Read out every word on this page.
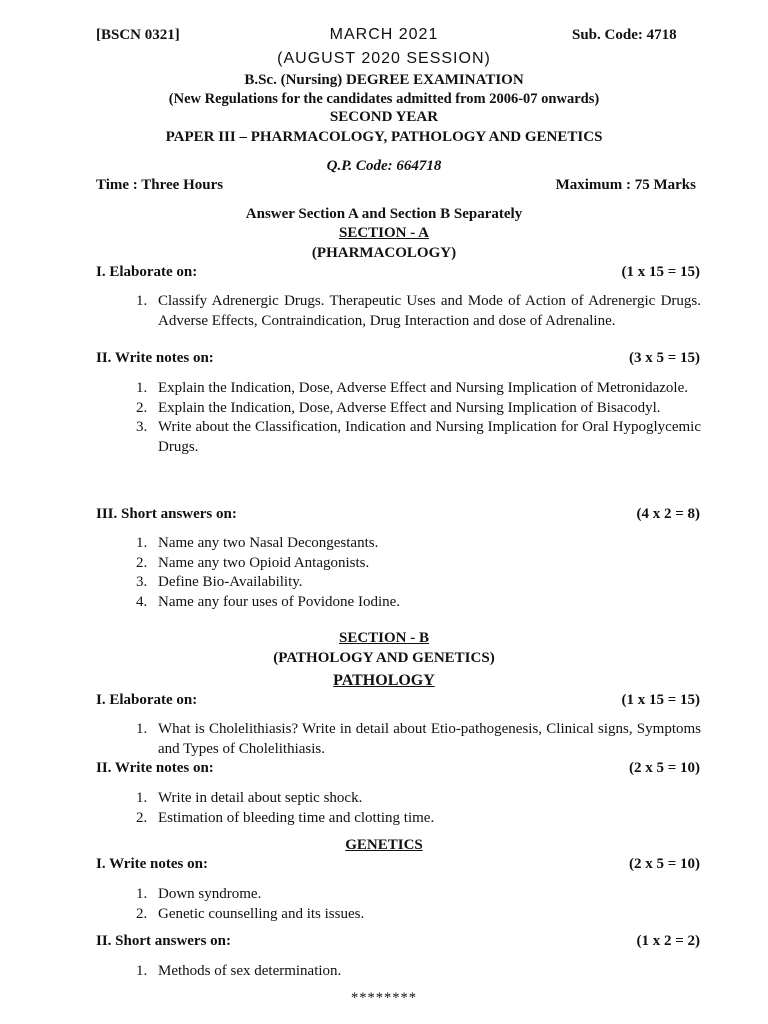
[BSCN 0321]	MARCH 2021	Sub. Code: 4718
(AUGUST 2020 SESSION)
B.Sc. (Nursing) DEGREE EXAMINATION
(New Regulations for the candidates admitted from 2006-07 onwards)
SECOND YEAR
PAPER III – PHARMACOLOGY, PATHOLOGY AND GENETICS
Q.P. Code: 664718
Time : Three Hours	Maximum : 75 Marks
Answer Section A and Section B Separately
SECTION - A
(PHARMACOLOGY)
I. Elaborate on:	(1 x 15 = 15)
1. Classify Adrenergic Drugs. Therapeutic Uses and Mode of Action of Adrenergic Drugs. Adverse Effects, Contraindication, Drug Interaction and dose of Adrenaline.
II. Write notes on:	(3 x 5 = 15)
1. Explain the Indication, Dose, Adverse Effect and Nursing Implication of Metronidazole.
2. Explain the Indication, Dose, Adverse Effect and Nursing Implication of Bisacodyl.
3. Write about the Classification, Indication and Nursing Implication for Oral Hypoglycemic Drugs.
III. Short answers on:	(4 x 2 = 8)
1. Name any two Nasal Decongestants.
2. Name any two Opioid Antagonists.
3. Define Bio-Availability.
4. Name any four uses of Povidone Iodine.
SECTION - B
(PATHOLOGY AND GENETICS)
PATHOLOGY
I. Elaborate on:	(1 x 15 = 15)
1. What is Cholelithiasis? Write in detail about Etio-pathogenesis, Clinical signs, Symptoms and Types of Cholelithiasis.
II. Write notes on:	(2 x 5 = 10)
1. Write in detail about septic shock.
2. Estimation of bleeding time and clotting time.
GENETICS
I. Write notes on:	(2 x 5 = 10)
1. Down syndrome.
2. Genetic counselling and its issues.
II. Short answers on:	(1 x 2 = 2)
1. Methods of sex determination.
********
